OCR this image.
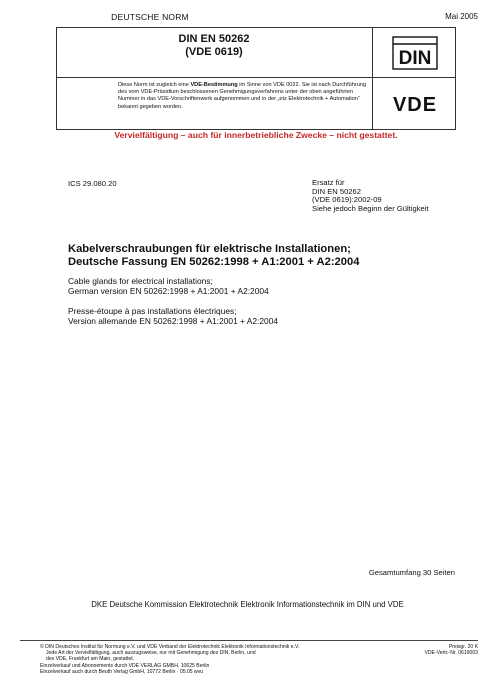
DEUTSCHE NORM	Mai 2005
DIN EN 50262
(VDE 0619)
Diese Norm ist zugleich eine VDE-Bestimmung im Sinne von VDE 0022. Sie ist nach Durchführung des vom VDE-Präsidium beschlossenen Genehmigungsverfahrens unter der oben angeführten Nummer in das VDE-Vorschriftenwerk aufgenommen und in der „etz Elektrotechnik + Automation“ bekannt gegeben worden.
DIN
VDE
Vervielfältigung – auch für innerbetriebliche Zwecke – nicht gestattet.
ICS 29.080.20	Ersatz für
DIN EN 50262
(VDE 0619):2002-09
Siehe jedoch Beginn der Gültigkeit
Kabelverschraubungen für elektrische Installationen;
Deutsche Fassung EN 50262:1998 + A1:2001 + A2:2004
Cable glands for electrical installations;
German version EN 50262:1998 + A1:2001 + A2:2004
Presse-étoupe à pas installations électriques;
Version allemande EN 50262:1998 + A1:2001 + A2:2004
Gesamtumfang 30 Seiten
DKE Deutsche Kommission Elektrotechnik Elektronik Informationstechnik im DIN und VDE
© DIN Deutsches Institut für Normung e.V. und VDE Verband der Elektrotechnik Elektronik Informationstechnik e.V.
Jede Art der Vervielfältigung, auch auszugsweise, nur mit Genehmigung des DIN, Berlin, und
des VDE, Frankfurt am Main, gestattet.
Einzelverkauf und Abonnements durch VDE VERLAG GMBH, 10625 Berlin
Einzelverkauf auch durch Beuth Verlag GmbH, 10772 Berlin · 05.05 wvu
Preisgr. 20 K
VDE-Vertr.-Nr. 0619003
